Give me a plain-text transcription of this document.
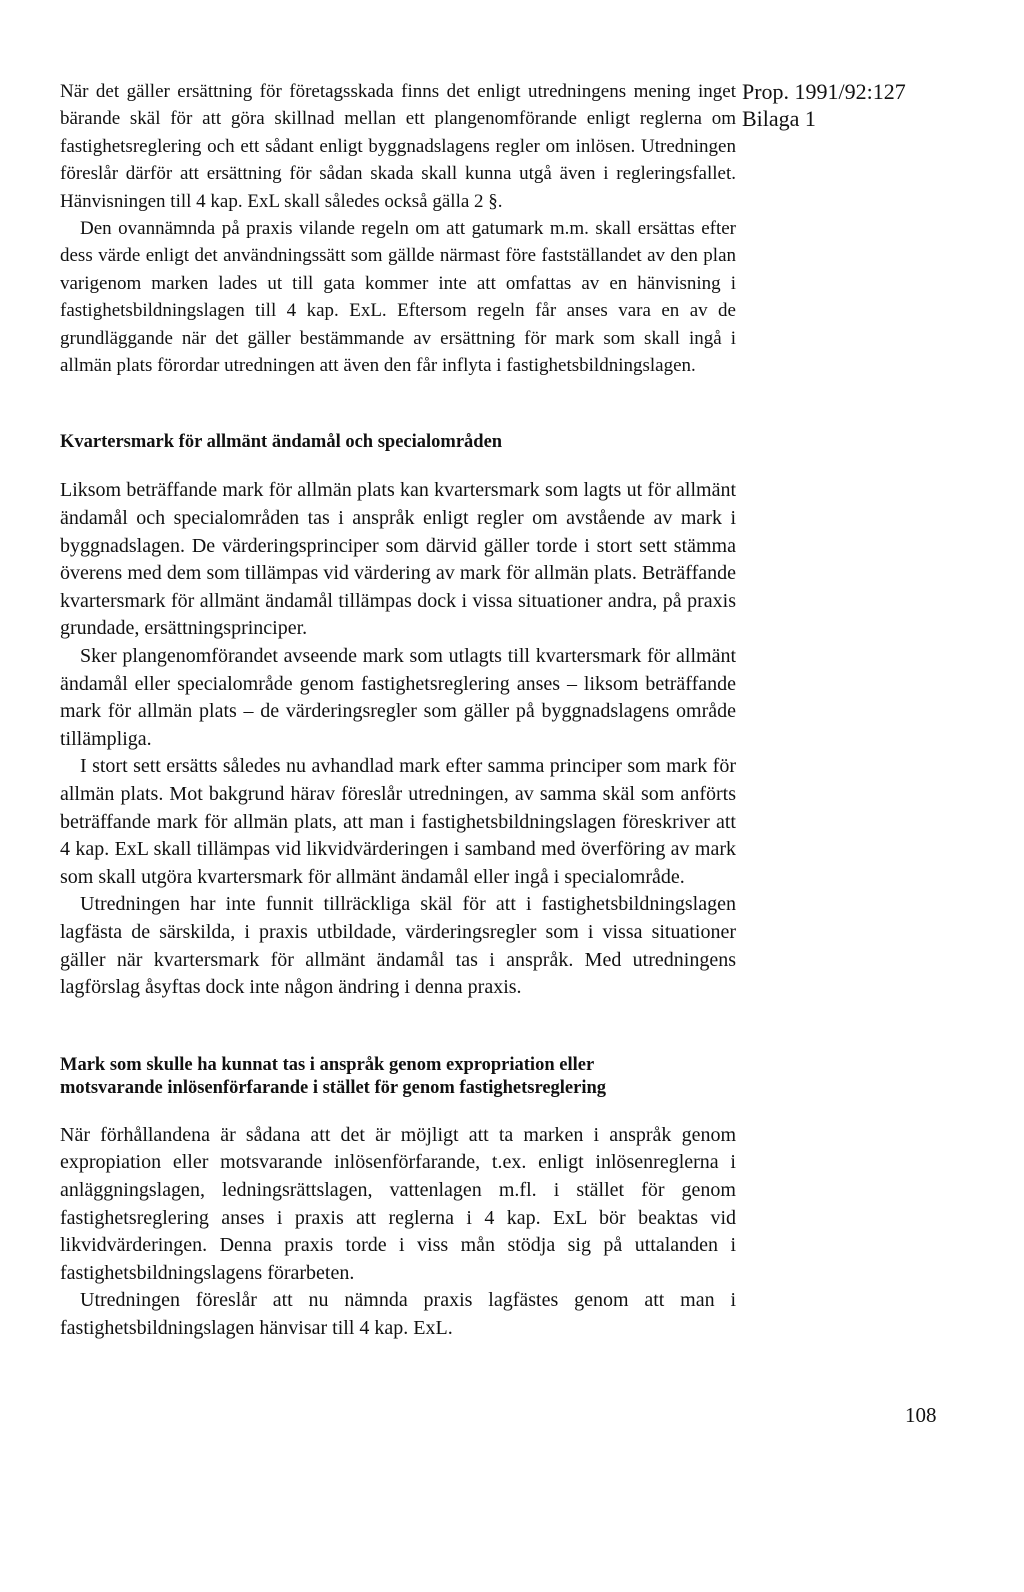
Prop. 1991/92:127
Bilaga 1

När det gäller ersättning för företagsskada finns det enligt utredningens mening inget bärande skäl för att göra skillnad mellan ett plangenomförande enligt reglerna om fastighetsreglering och ett sådant enligt byggnadslagens regler om inlösen. Utredningen föreslår därför att ersättning för sådan skada skall kunna utgå även i regleringsfallet. Hänvisningen till 4 kap. ExL skall således också gälla 2 §.

Den ovannämnda på praxis vilande regeln om att gatumark m.m. skall ersättas efter dess värde enligt det användningssätt som gällde närmast före fastställandet av den plan varigenom marken lades ut till gata kommer inte att omfattas av en hänvisning i fastighetsbildningslagen till 4 kap. ExL. Eftersom regeln får anses vara en av de grundläggande när det gäller bestämmande av ersättning för mark som skall ingå i allmän plats förordar utredningen att även den får inflyta i fastighetsbildningslagen.

Kvartersmark för allmänt ändamål och specialområden

Liksom beträffande mark för allmän plats kan kvartersmark som lagts ut för allmänt ändamål och specialområden tas i anspråk enligt regler om avstående av mark i byggnadslagen. De värderingsprinciper som därvid gäller torde i stort sett stämma överens med dem som tillämpas vid värdering av mark för allmän plats. Beträffande kvartersmark för allmänt ändamål tillämpas dock i vissa situationer andra, på praxis grundade, ersättningsprinciper.

Sker plangenomförandet avseende mark som utlagts till kvartersmark för allmänt ändamål eller specialområde genom fastighetsreglering anses – liksom beträffande mark för allmän plats – de värderingsregler som gäller på byggnadslagens område tillämpliga.

I stort sett ersätts således nu avhandlad mark efter samma principer som mark för allmän plats. Mot bakgrund härav föreslår utredningen, av samma skäl som anförts beträffande mark för allmän plats, att man i fastighetsbildningslagen föreskriver att 4 kap. ExL skall tillämpas vid likvidvärderingen i samband med överföring av mark som skall utgöra kvartersmark för allmänt ändamål eller ingå i specialområde.

Utredningen har inte funnit tillräckliga skäl för att i fastighetsbildningslagen lagfästa de särskilda, i praxis utbildade, värderingsregler som i vissa situationer gäller när kvartersmark för allmänt ändamål tas i anspråk. Med utredningens lagförslag åsyftas dock inte någon ändring i denna praxis.

Mark som skulle ha kunnat tas i anspråk genom expropriation eller
motsvarande inlösenförfarande i stället för genom fastighetsreglering

När förhållandena är sådana att det är möjligt att ta marken i anspråk genom expropiation eller motsvarande inlösenförfarande, t.ex. enligt inlösenreglerna i anläggningslagen, ledningsrättslagen, vattenlagen m.fl. i stället för genom fastighetsreglering anses i praxis att reglerna i 4 kap. ExL bör beaktas vid likvidvärderingen. Denna praxis torde i viss mån stödja sig på uttalanden i fastighetsbildningslagens förarbeten.

Utredningen föreslår att nu nämnda praxis lagfästes genom att man i fastighetsbildningslagen hänvisar till 4 kap. ExL.

108
